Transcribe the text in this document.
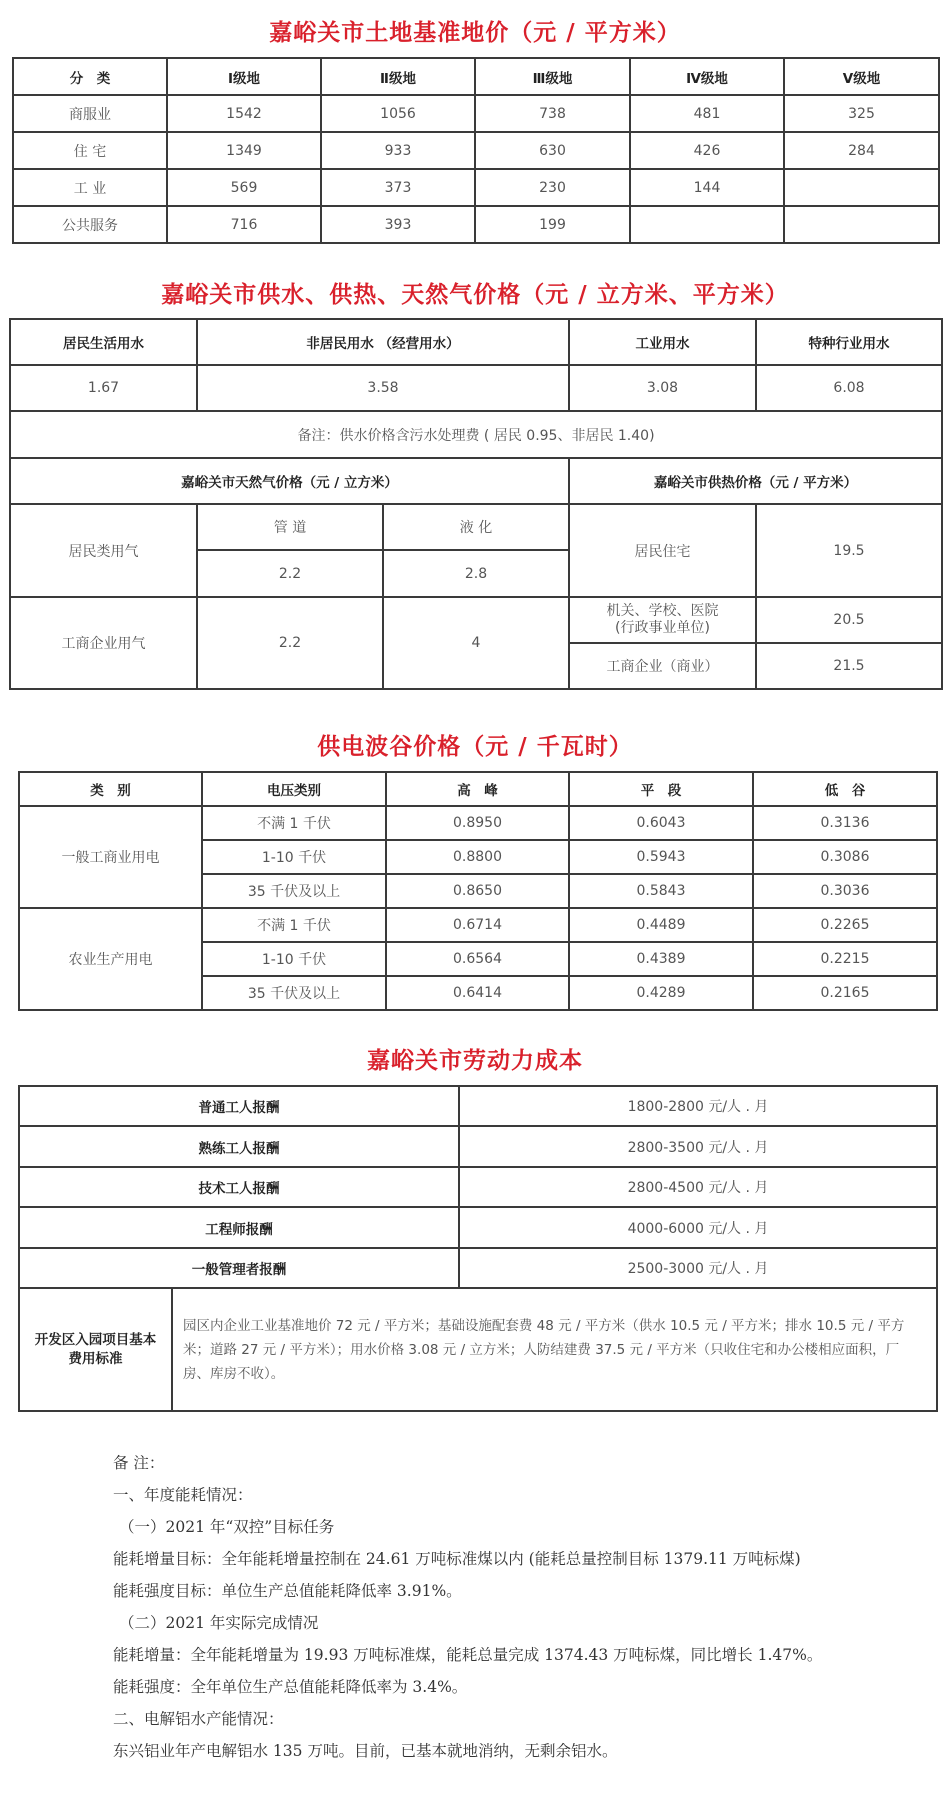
嘉峪关市土地基准地价（元 / 平方米）
分　类	Ⅰ级地	Ⅱ级地	Ⅲ级地	Ⅳ级地	Ⅴ级地
商服业	1542	1056	738	481	325
住 宅	1349	933	630	426	284
工 业	569	373	230	144	
公共服务	716	393	199		
嘉峪关市供水、供热、天然气价格（元 / 立方米、平方米）
居民生活用水	非居民用水 （经营用水）		工业用水	特种行业用水
1.67	3.58		3.08	6.08
备注：供水价格含污水处理费 ( 居民 0.95、非居民 1.40)				
嘉峪关市天然气价格（元 / 立方米）			嘉峪关市供热价格（元 / 平方米）	
居民类用气	管 道	液 化	居民住宅	19.5
	2.2	2.8		
工商企业用气	2.2	4	机关、学校、医院
(行政事业单位)	20.5
			工商企业（商业）	21.5
供电波谷价格（元 / 千瓦时）
类　别	电压类别	高　峰	平　段	低　谷
一般工商业用电	不满 1 千伏	0.8950	0.6043	0.3136
	1-10 千伏	0.8800	0.5943	0.3086
	35 千伏及以上	0.8650	0.5843	0.3036
农业生产用电	不满 1 千伏	0.6714	0.4489	0.2265
	1-10 千伏	0.6564	0.4389	0.2215
	35 千伏及以上	0.6414	0.4289	0.2165
嘉峪关市劳动力成本
普通工人报酬		1800-2800 元/人 . 月
熟练工人报酬		2800-3500 元/人 . 月
技术工人报酬		2800-4500 元/人 . 月
工程师报酬		4000-6000 元/人 . 月
一般管理者报酬		2500-3000 元/人 . 月

开发区入园项目基本
费用标准	园区内企业工业基准地价 72 元 / 平方米；基础设施配套费 48 元 / 平方米（供水 10.5 元 / 平方米；排水 10.5 元 / 平方米；道路 27 元 / 平方米）；用水价格 3.08 元 / 立方米；人防结建费 37.5 元 / 平方米（只收住宅和办公楼相应面积，厂房、库房不收）。	
备 注：
一、年度能耗情况：
（一）2021 年“双控”目标任务
能耗增量目标：全年能耗增量控制在 24.61 万吨标准煤以内 (能耗总量控制目标 1379.11 万吨标煤)
能耗强度目标：单位生产总值能耗降低率 3.91%。
（二）2021 年实际完成情况
能耗增量：全年能耗增量为 19.93 万吨标准煤，能耗总量完成 1374.43 万吨标煤，同比增长 1.47%。
能耗强度：全年单位生产总值能耗降低率为 3.4%。
二、电解铝水产能情况：
东兴铝业年产电解铝水 135 万吨。目前，已基本就地消纳，无剩余铝水。
